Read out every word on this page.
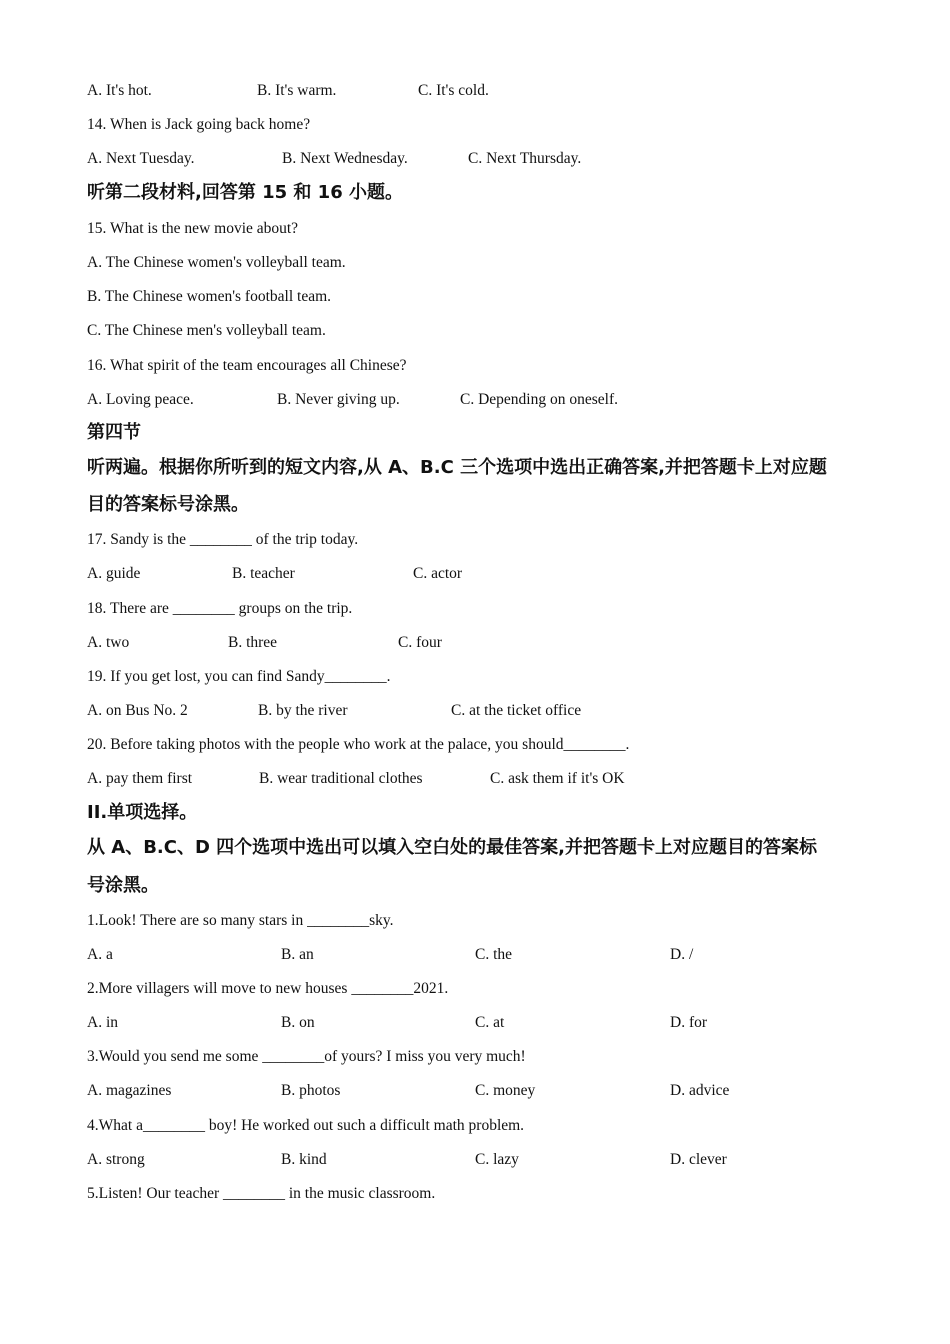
A. It's hot.	B. It's warm.	C. It's cold.
14. When is Jack going back home?
A. Next Tuesday.	B. Next Wednesday.	C. Next Thursday.
听第二段材料,回答第 15 和 16 小题。
15. What is the new movie about?
A. The Chinese women's volleyball team.
B. The Chinese women's football team.
C. The Chinese men's volleyball team.
16. What spirit of the team encourages all Chinese?
A. Loving peace.	B. Never giving up.	C. Depending on oneself.
第四节
听两遍。根据你所听到的短文内容,从 A、B.C 三个选项中选出正确答案,并把答题卡上对应题
目的答案标号涂黑。
17. Sandy is the ________ of the trip today.
A. guide	B. teacher	C. actor
18. There are ________ groups on the trip.
A. two	B. three	C. four
19. If you get lost, you can find Sandy________.
A. on Bus No. 2	B. by the river	C. at the ticket office
20. Before taking photos with the people who work at the palace, you should________.
A. pay them first	B. wear traditional clothes	C. ask them if it's OK
II.单项选择。
从 A、B.C、D 四个选项中选出可以填入空白处的最佳答案,并把答题卡上对应题目的答案标
号涂黑。
1.Look! There are so many stars in ________sky.
A. a	B. an	C. the	D. /
2.More villagers will move to new houses ________2021.
A. in	B. on	C. at	D. for
3.Would you send me some ________of yours? I miss you very much!
A. magazines	B. photos	C. money	D. advice
4.What a________ boy! He worked out such a difficult math problem.
A. strong	B. kind	C. lazy	D. clever
5.Listen! Our teacher ________ in the music classroom.
